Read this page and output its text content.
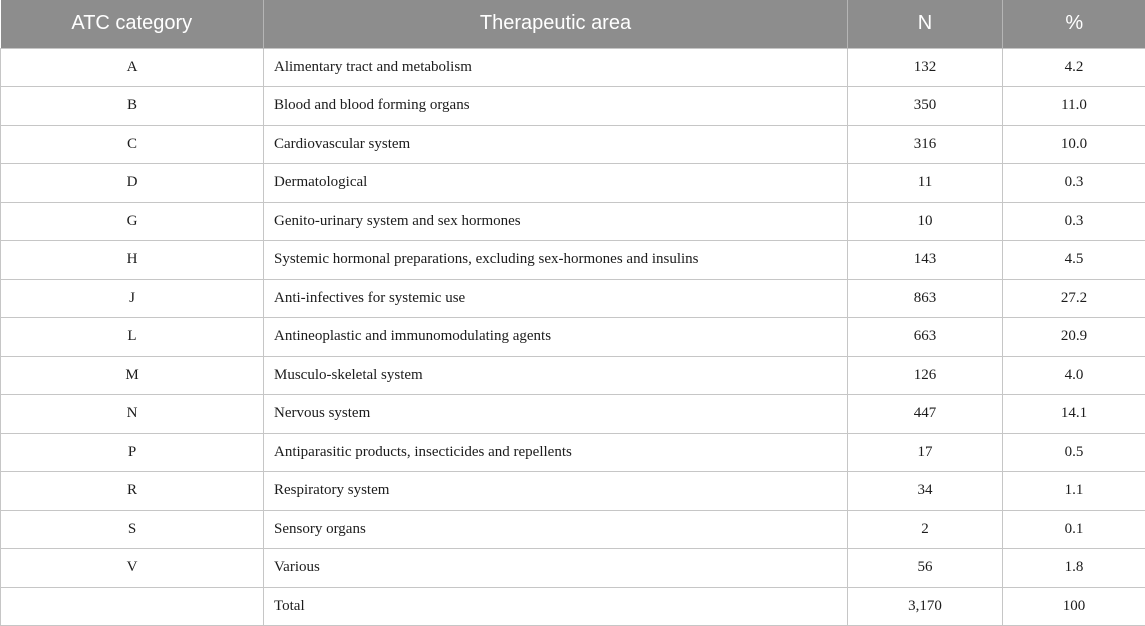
ATC category	Therapeutic area	N	%
A	Alimentary tract and metabolism	132	4.2
B	Blood and blood forming organs	350	11.0
C	Cardiovascular system	316	10.0
D	Dermatological	11	0.3
G	Genito-urinary system and sex hormones	10	0.3
H	Systemic hormonal preparations, excluding sex-hormones and insulins	143	4.5
J	Anti-infectives for systemic use	863	27.2
L	Antineoplastic and immunomodulating agents	663	20.9
M	Musculo-skeletal system	126	4.0
N	Nervous system	447	14.1
P	Antiparasitic products, insecticides and repellents	17	0.5
R	Respiratory system	34	1.1
S	Sensory organs	2	0.1
V	Various	56	1.8
	Total	3,170	100
